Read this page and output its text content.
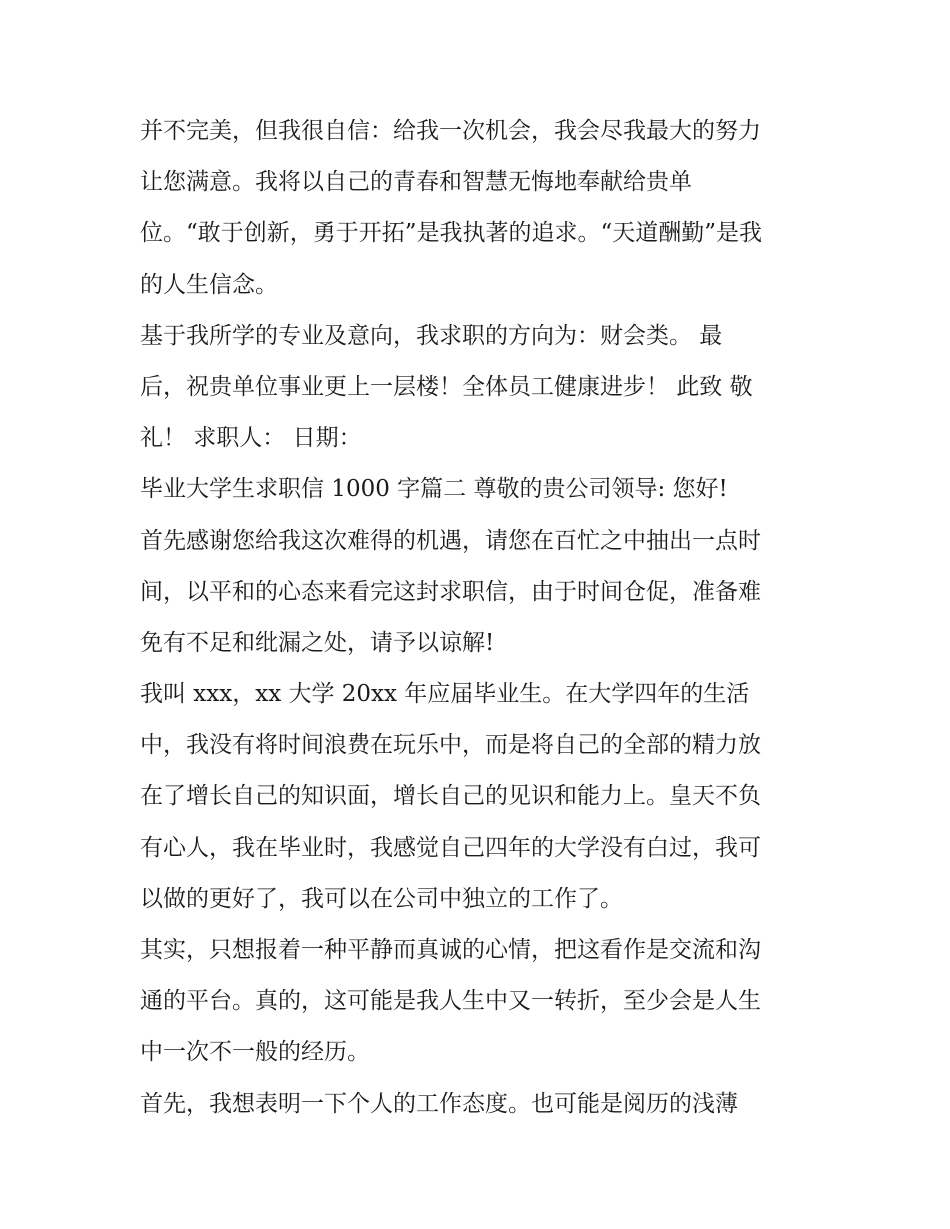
并不完美，但我很自信：给我一次机会，我会尽我最大的努力
让您满意。我将以自己的青春和智慧无悔地奉献给贵单
位。“敢于创新，勇于开拓”是我执著的追求。“天道酬勤”是我
的人生信念。
基于我所学的专业及意向，我求职的方向为：财会类。 最
后，祝贵单位事业更上一层楼！全体员工健康进步！ 此致 敬
礼！ 求职人： 日期：
毕业大学生求职信 1000 字篇二 尊敬的贵公司领导: 您好!
首先感谢您给我这次难得的机遇，请您在百忙之中抽出一点时
间，以平和的心态来看完这封求职信，由于时间仓促，准备难
免有不足和纰漏之处，请予以谅解!
我叫 xxx，xx 大学 20xx 年应届毕业生。在大学四年的生活
中，我没有将时间浪费在玩乐中，而是将自己的全部的精力放
在了增长自己的知识面，增长自己的见识和能力上。皇天不负
有心人，我在毕业时，我感觉自己四年的大学没有白过，我可
以做的更好了，我可以在公司中独立的工作了。
其实，只想报着一种平静而真诚的心情，把这看作是交流和沟
通的平台。真的，这可能是我人生中又一转折，至少会是人生
中一次不一般的经历。
首先，我想表明一下个人的工作态度。也可能是阅历的浅薄
